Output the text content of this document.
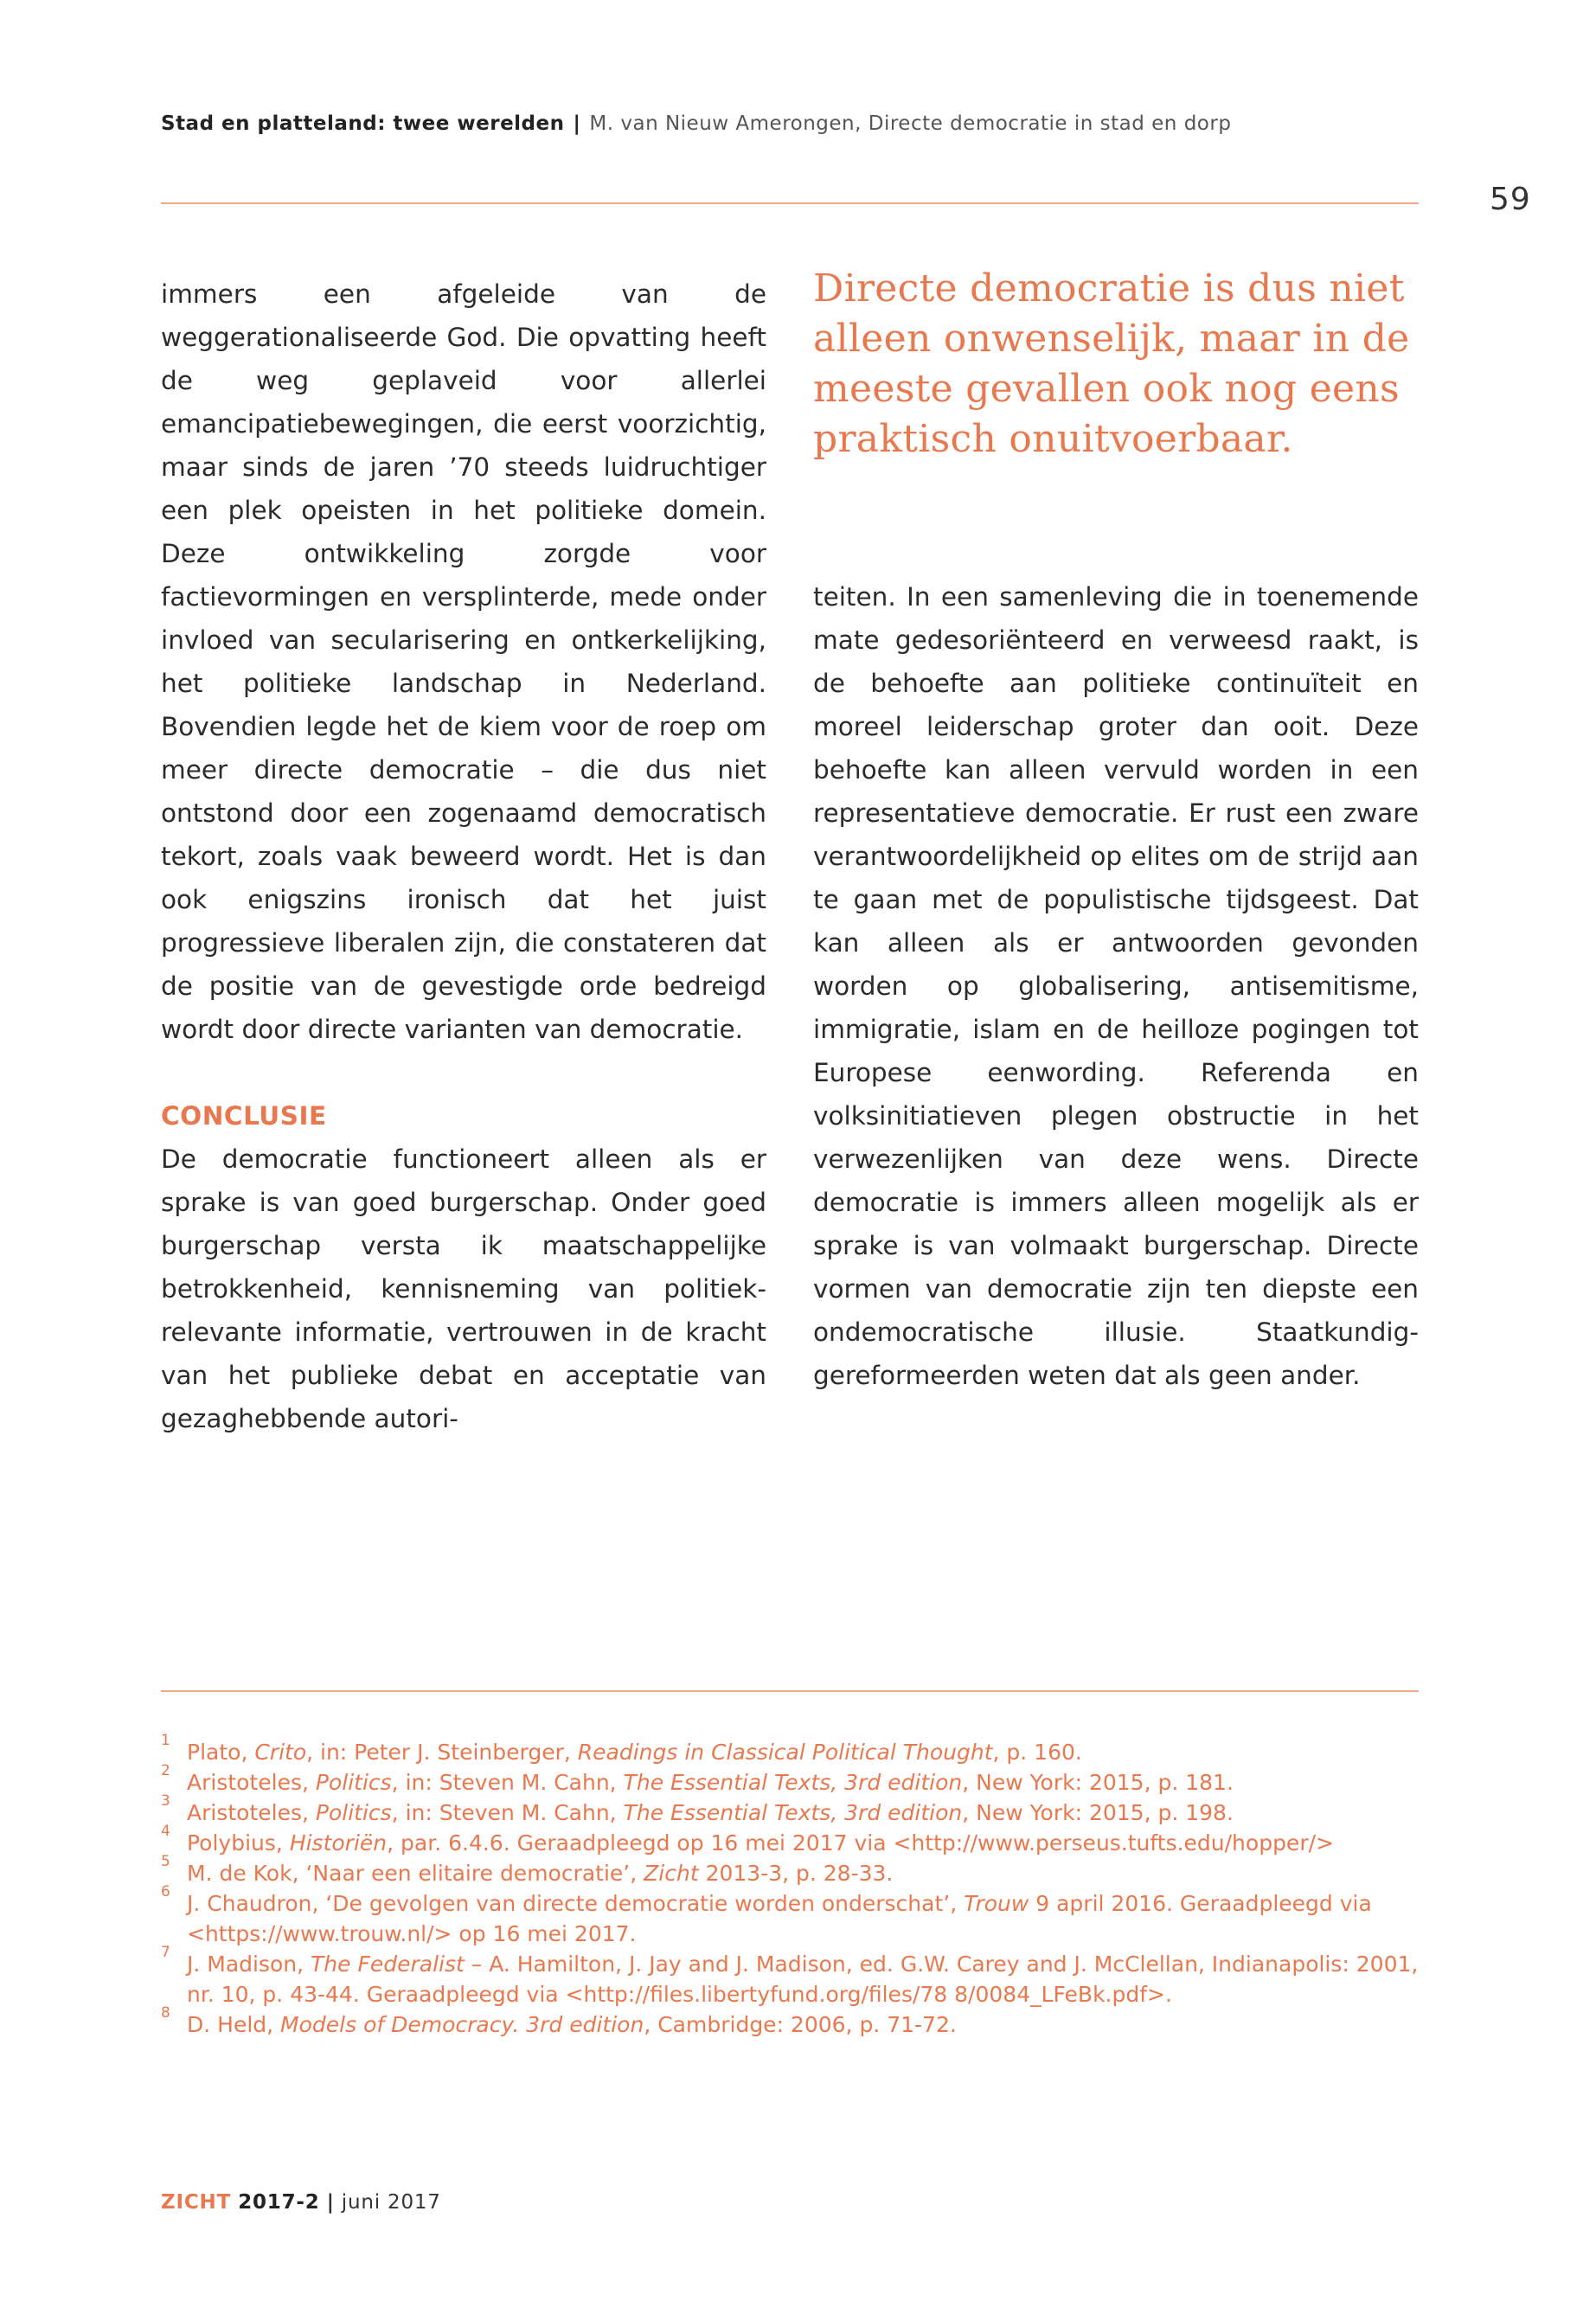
Stad en platteland: twee werelden | M. van Nieuw Amerongen, Directe democratie in stad en dorp
59

immers een afgeleide van de weggerationaliseerde God. Die opvatting heeft de weg geplaveid voor allerlei emancipatiebewegingen, die eerst voorzichtig, maar sinds de jaren ’70 steeds luidruchtiger een plek opeisten in het politieke domein. Deze ontwikkeling zorgde voor factievormingen en versplinterde, mede onder invloed van secularisering en ontkerkelijking, het politieke landschap in Nederland. Bovendien legde het de kiem voor de roep om meer directe democratie – die dus niet ontstond door een zogenaamd democratisch tekort, zoals vaak beweerd wordt. Het is dan ook enigszins ironisch dat het juist progressieve liberalen zijn, die constateren dat de positie van de gevestigde orde bedreigd wordt door directe varianten van democratie.

CONCLUSIE

De democratie functioneert alleen als er sprake is van goed burgerschap. Onder goed burgerschap versta ik maatschappelijke betrokkenheid, kennisneming van politiek-relevante informatie, vertrouwen in de kracht van het publieke debat en acceptatie van gezaghebbende autori-

Directe democratie is dus niet alleen onwenselijk, maar in de meeste gevallen ook nog eens praktisch onuitvoerbaar.

teiten. In een samenleving die in toenemende mate gedesoriënteerd en verweesd raakt, is de behoefte aan politieke continuïteit en moreel leiderschap groter dan ooit. Deze behoefte kan alleen vervuld worden in een representatieve democratie. Er rust een zware verantwoordelijkheid op elites om de strijd aan te gaan met de populistische tijdsgeest. Dat kan alleen als er antwoorden gevonden worden op globalisering, antisemitisme, immigratie, islam en de heilloze pogingen tot Europese eenwording. Referenda en volksinitiatieven plegen obstructie in het verwezenlijken van deze wens. Directe democratie is immers alleen mogelijk als er sprake is van volmaakt burgerschap. Directe vormen van democratie zijn ten diepste een ondemocratische illusie. Staatkundig-gereformeerden weten dat als geen ander.

1 Plato, Crito, in: Peter J. Steinberger, Readings in Classical Political Thought, p. 160.
2 Aristoteles, Politics, in: Steven M. Cahn, The Essential Texts, 3rd edition, New York: 2015, p. 181.
3 Aristoteles, Politics, in: Steven M. Cahn, The Essential Texts, 3rd edition, New York: 2015, p. 198.
4 Polybius, Historiën, par. 6.4.6. Geraadpleegd op 16 mei 2017 via <http://www.perseus.tufts.edu/hopper/>
5 M. de Kok, ‘Naar een elitaire democratie’, Zicht 2013-3, p. 28-33.
6 J. Chaudron, ‘De gevolgen van directe democratie worden onderschat’, Trouw 9 april 2016. Geraadpleegd via <https://www.trouw.nl/> op 16 mei 2017.
7 J. Madison, The Federalist – A. Hamilton, J. Jay and J. Madison, ed. G.W. Carey and J. McClellan, Indianapolis: 2001, nr. 10, p. 43-44. Geraadpleegd via <http://files.libertyfund.org/files/78 8/0084_LFeBk.pdf>.
8 D. Held, Models of Democracy. 3rd edition, Cambridge: 2006, p. 71-72.
ZICHT 2017-2 | juni 2017
